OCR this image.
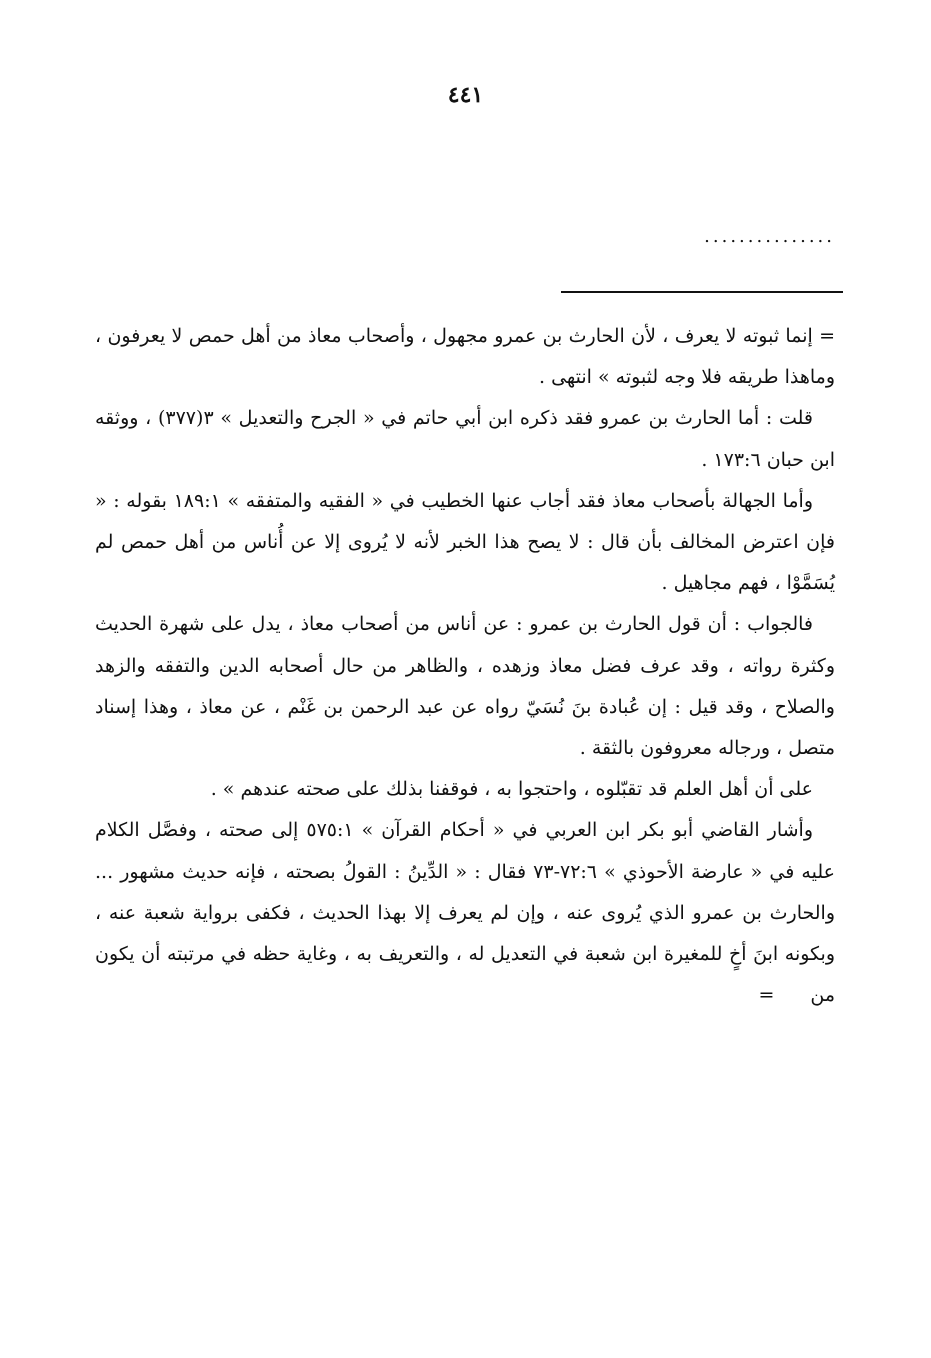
٤٤١
...............

= إنما ثبوته لا يعرف ، لأن الحارث بن عمرو مجهول ، وأصحاب معاذ من أهل حمص لا يعرفون ، وماهذا طريقه فلا وجه لثبوته » انتهى .

قلت : أما الحارث بن عمرو فقد ذكره ابن أبي حاتم في « الجرح والتعديل » ٣(٣٧٧) ، ووثقه ابن حبان ١٧٣:٦ .

وأما الجهالة بأصحاب معاذ فقد أجاب عنها الخطيب في « الفقيه والمتفقه » ١٨٩:١ بقوله : « فإن اعترض المخالف بأن قال : لا يصح هذا الخبر لأنه لا يُروى إلا عن أُناس من أهل حمص لم يُسَمَّوْا ، فهم مجاهيل .

فالجواب : أن قول الحارث بن عمرو : عن أناس من أصحاب معاذ ، يدل على شهرة الحديث وكثرة رواته ، وقد عرف فضل معاذ وزهده ، والظاهر من حال أصحابه الدين والتفقه والزهد والصلاح ، وقد قيل : إن عُبادة بنَ نُسَيّ رواه عن عبد الرحمن بن غَنْم ، عن معاذ ، وهذا إسناد متصل ، ورجاله معروفون بالثقة .

على أن أهل العلم قد تقبّلوه ، واحتجوا به ، فوقفنا بذلك على صحته عندهم » .

وأشار القاضي أبو بكر ابن العربي في « أحكام القرآن » ٥٧٥:١ إلى صحته ، وفصَّل الكلام عليه في « عارضة الأحوذي » ٧٢:٦-٧٣ فقال : « الدِّينُ : القولُ بصحته ، فإنه حديث مشهور ... والحارث بن عمرو الذي يُروى عنه ، وإن لم يعرف إلا بهذا الحديث ، فكفى برواية شعبة عنه ، وبكونه ابنَ أخٍ للمغيرة ابن شعبة في التعديل له ، والتعريف به ، وغاية حظه في مرتبته أن يكون من=
